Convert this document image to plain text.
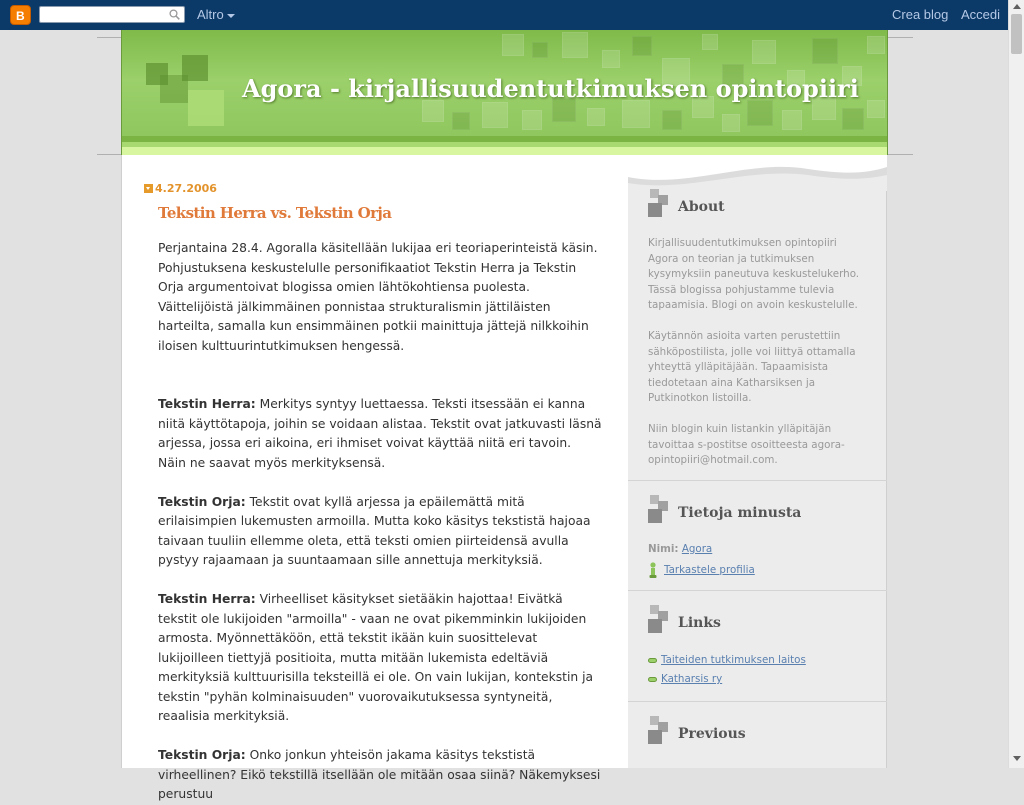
B	Altro	Crea blog Accedi
Agora - kirjallisuudentutkimuksen opintopiiri
4.27.2006
Tekstin Herra vs. Tekstin Orja

Perjantaina 28.4. Agoralla käsitellään lukijaa eri teoriaperinteistä käsin. Pohjustuksena keskustelulle personifikaatiot Tekstin Herra ja Tekstin Orja argumentoivat blogissa omien lähtökohtiensa puolesta. Väittelijöistä jälkimmäinen ponnistaa strukturalismin jättiläisten harteilta, samalla kun ensimmäinen potkii mainittuja jättejä nilkkoihin iloisen kulttuurintutkimuksen hengessä.

Tekstin Herra: Merkitys syntyy luettaessa. Teksti itsessään ei kanna niitä käyttötapoja, joihin se voidaan alistaa. Tekstit ovat jatkuvasti läsnä arjessa, jossa eri aikoina, eri ihmiset voivat käyttää niitä eri tavoin. Näin ne saavat myös merkityksensä.

Tekstin Orja: Tekstit ovat kyllä arjessa ja epäilemättä mitä erilaisimpien lukemusten armoilla. Mutta koko käsitys tekstistä hajoaa taivaan tuuliin ellemme oleta, että teksti omien piirteidensä avulla pystyy rajaamaan ja suuntaamaan sille annettuja merkityksiä.

Tekstin Herra: Virheelliset käsitykset sietääkin hajottaa! Eivätkä tekstit ole lukijoiden "armoilla" - vaan ne ovat pikemminkin lukijoiden armosta. Myönnettäköön, että tekstit ikään kuin suosittelevat lukijoilleen tiettyjä positioita, mutta mitään lukemista edeltäviä merkityksiä kulttuurisilla teksteillä ei ole. On vain lukijan, kontekstin ja tekstin "pyhän kolminaisuuden" vuorovaikutuksessa syntyneitä, reaalisia merkityksiä.

Tekstin Orja: Onko jonkun yhteisön jakama käsitys tekstistä virheellinen? Eikö tekstillä itsellään ole mitään osaa siinä? Näkemyksesi perustuu

About

Kirjallisuudentutkimuksen opintopiiri Agora on teorian ja tutkimuksen kysymyksiin paneutuva keskustelukerho. Tässä blogissa pohjustamme tulevia tapaamisia. Blogi on avoin keskustelulle.

Käytännön asioita varten perustettiin sähköpostilista, jolle voi liittyä ottamalla yhteyttä ylläpitäjään. Tapaamisista tiedotetaan aina Katharsiksen ja Putkinotkon listoilla.

Niin blogin kuin listankin ylläpitäjän tavoittaa s-postitse osoitteesta agora-opintopiiri@hotmail.com.

Tietoja minusta
Nimi: Agora
Tarkastele profilia
Links
Taiteiden tutkimuksen laitos
Katharsis ry
Previous
